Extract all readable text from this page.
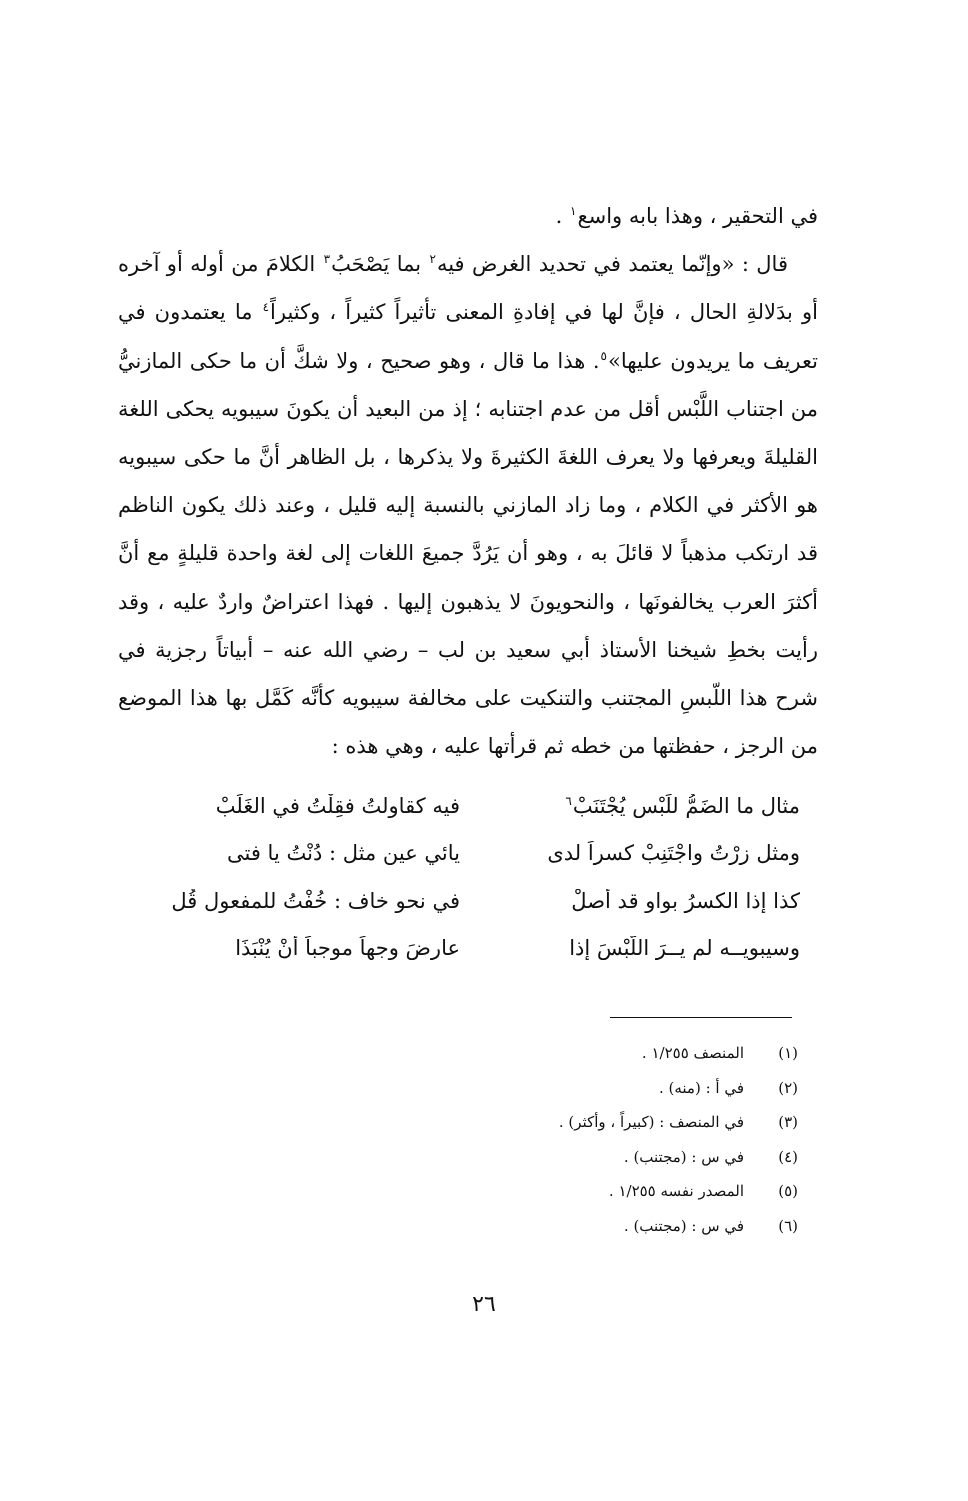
في التحقير ، وهذا بابه واسع$^١$ .

قال : «وإنّما يعتمد في تحديد الغرض فيه$^٢$ بما يَصْحَبُ$^٣$ الكلامَ من أوله أو آخره أو بدَلالةِ الحال ، فإنَّ لها في إفادةِ المعنى تأثيراً كثيراً ، وكثيراً$^٤$ ما يعتمدون في تعريف ما يريدون عليها»$^٥$. هذا ما قال ، وهو صحيح ، ولا شكَّ أن ما حكى المازنيُّ من اجتناب اللَّبْس أقل من عدم اجتنابه ؛ إذ من البعيد أن يكونَ سيبويه يحكى اللغة القليلةَ ويعرفها ولا يعرف اللغةَ الكثيرةَ ولا يذكرها ، بل الظاهر أنَّ ما حكى سيبويه هو الأكثر في الكلام ، وما زاد المازني بالنسبة إليه قليل ، وعند ذلك يكون الناظم قد ارتكب مذهباً لا قائلَ به ، وهو أن يَرُدَّ جميعَ اللغات إلى لغة واحدة قليلةٍ مع أنَّ أكثرَ العرب يخالفونَها ، والنحويونَ لا يذهبون إليها . فهذا اعتراضٌ واردٌ عليه ، وقد رأيت بخطِ شيخنا الأستاذ أبي سعيد بن لب – رضي الله عنه – أبياتاً رجزية في شرح هذا اللّبسِ المجتنب والتنكيت على مخالفة سيبويه كأنَّه كَمَّل بها هذا الموضع من الرجز ، حفظتها من خطه ثم قرأتها عليه ، وهي هذه :

مثال ما الضَمُّ للَبْسٍ يُجْتَنَبْ$^٦$
فيه كقاولتُ فقِلْتُ في الغَلَبْ
ومثل زِرْتُ واجْتَنِبْ كسراً لدى
يائي عينٍ مثل : دُنْتُ يا فتى
كذا إذا الكسرُ بواوٍ قد أُصلْ
في نحو خاف : خُفْتُ للمفعولِ قُل
وسيبويــه لم يــرَ اللَّبْسَ إذا
عارضَ وجهاً موجباً أنْ يُنْبَذَا
(١)
المنصف ١/٢٥٥ .
(٢)
في أ : (منه) .
(٣)
في المنصف : (كبيراً ، وأكثر) .
(٤)
في س : (مجتنب) .
(٥)
المصدر نفسه ١/٢٥٥ .
(٦)
في س : (مجتنب) .
٢٦
